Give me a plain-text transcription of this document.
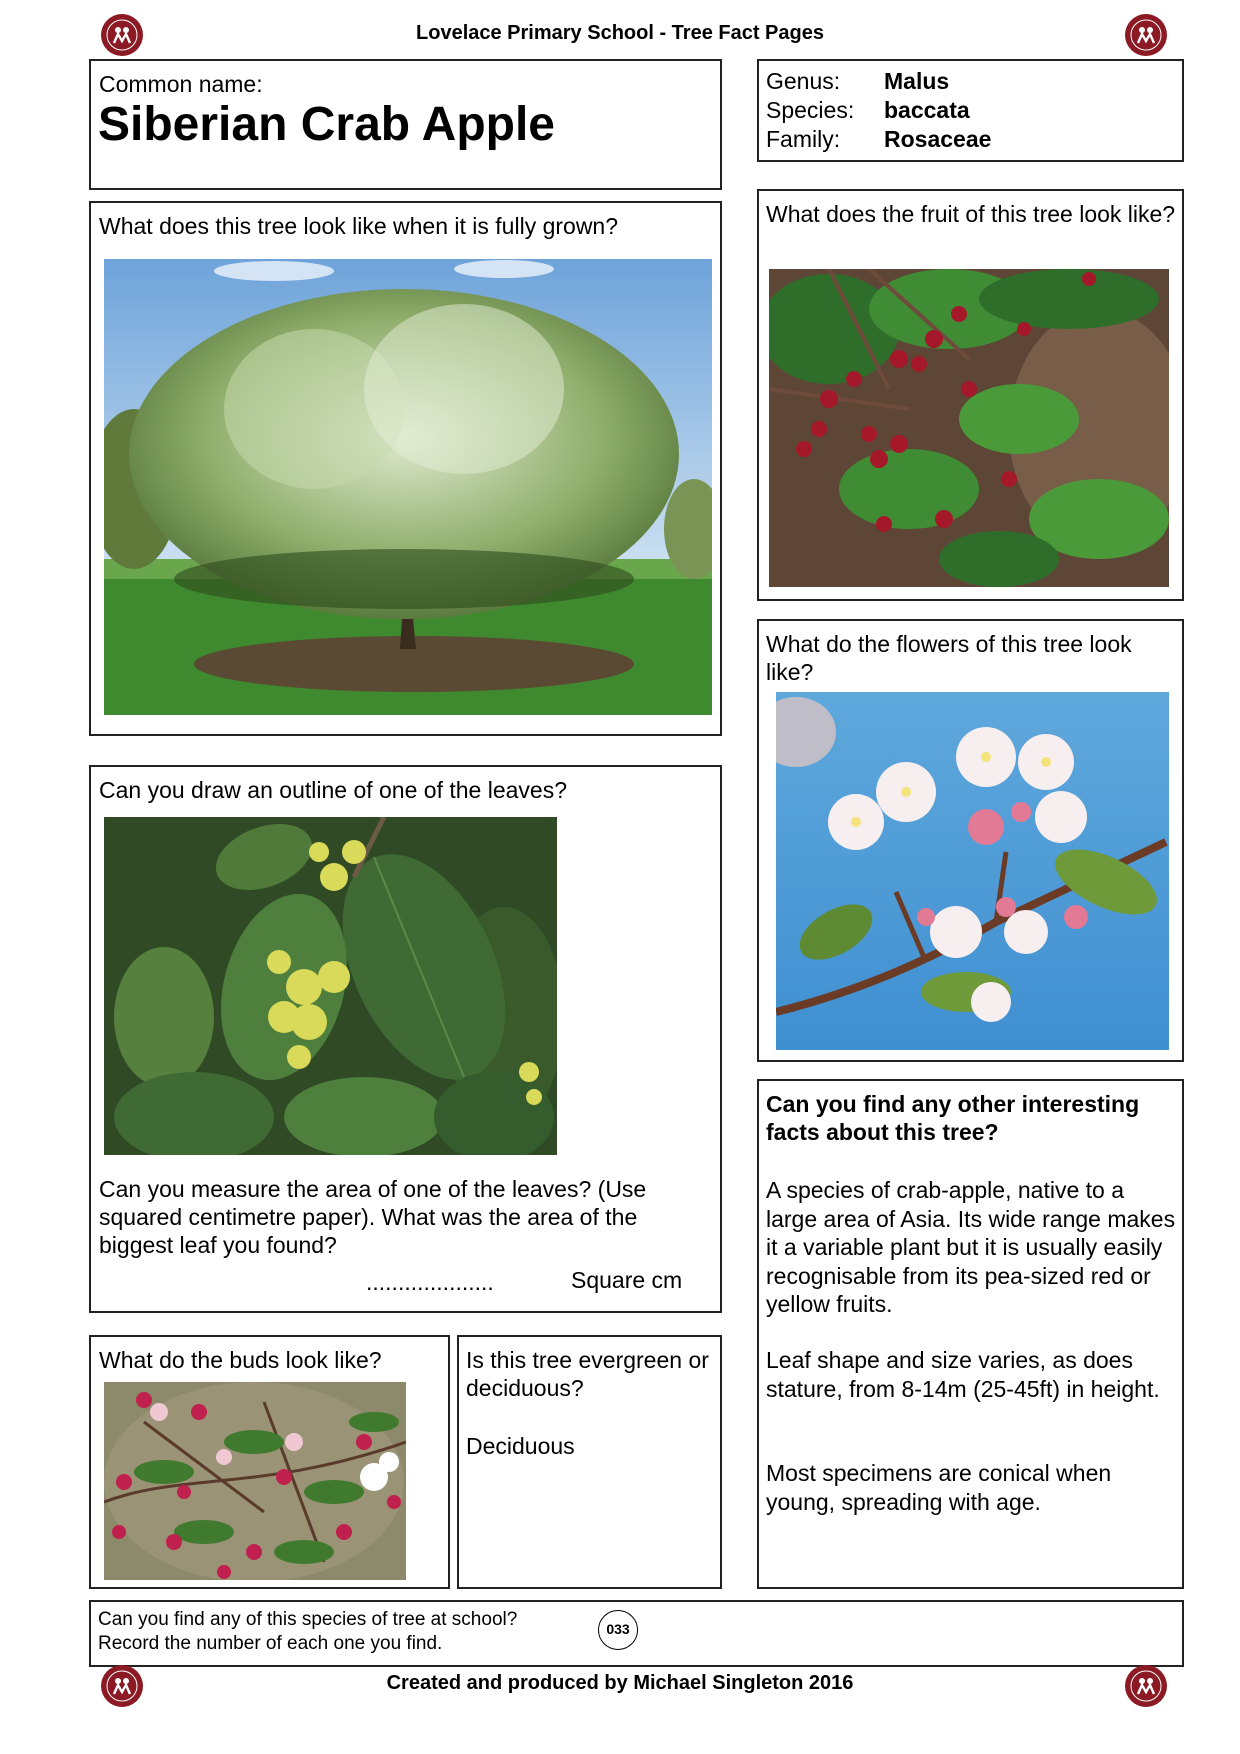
Lovelace Primary School - Tree Fact Pages
Common name:
Siberian Crab Apple
Genus: Malus
Species: baccata
Family: Rosaceae
What does this tree look like when it is fully grown?	What does the fruit of this tree look like?
What do the flowers of this tree look like?
Can you draw an outline of one of the leaves?
Can you measure the area of one of the leaves? (Use squared centimetre paper). What was the area of the biggest leaf you found?
....................	Square cm
What do the buds look like?	Is this tree evergreen or deciduous?
Deciduous
Can you find any other interesting facts about this tree?
A species of crab-apple, native to a large area of Asia. Its wide range makes it a variable plant but it is usually easily recognisable from its pea-sized red or yellow fruits.
Leaf shape and size varies, as does stature, from 8-14m (25-45ft) in height.
Most specimens are conical when young, spreading with age.
Can you find any of this species of tree at school? Record the number of each one you find.
033
Created and produced by Michael Singleton 2016
